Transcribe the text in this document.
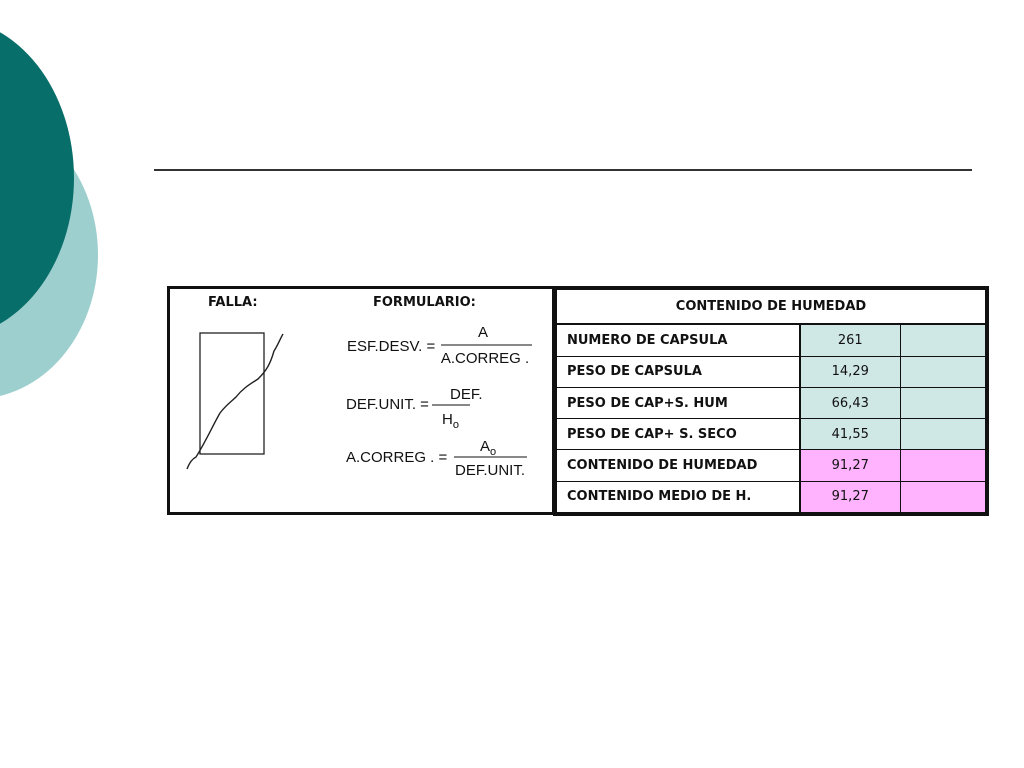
FALLA:	FORMULARIO:
ESF.DESV. =
A
A.CORREG .
DEF.UNIT. =
DEF.
$H_o$
A.CORREG . =
$A_o$
DEF.UNIT.
CONTENIDO DE HUMEDAD		
NUMERO DE CAPSULA	261	
PESO DE CAPSULA	14,29	
PESO DE CAP+S. HUM	66,43	
PESO DE CAP+ S. SECO	41,55	
CONTENIDO DE HUMEDAD	91,27	
CONTENIDO MEDIO DE H.	91,27	
